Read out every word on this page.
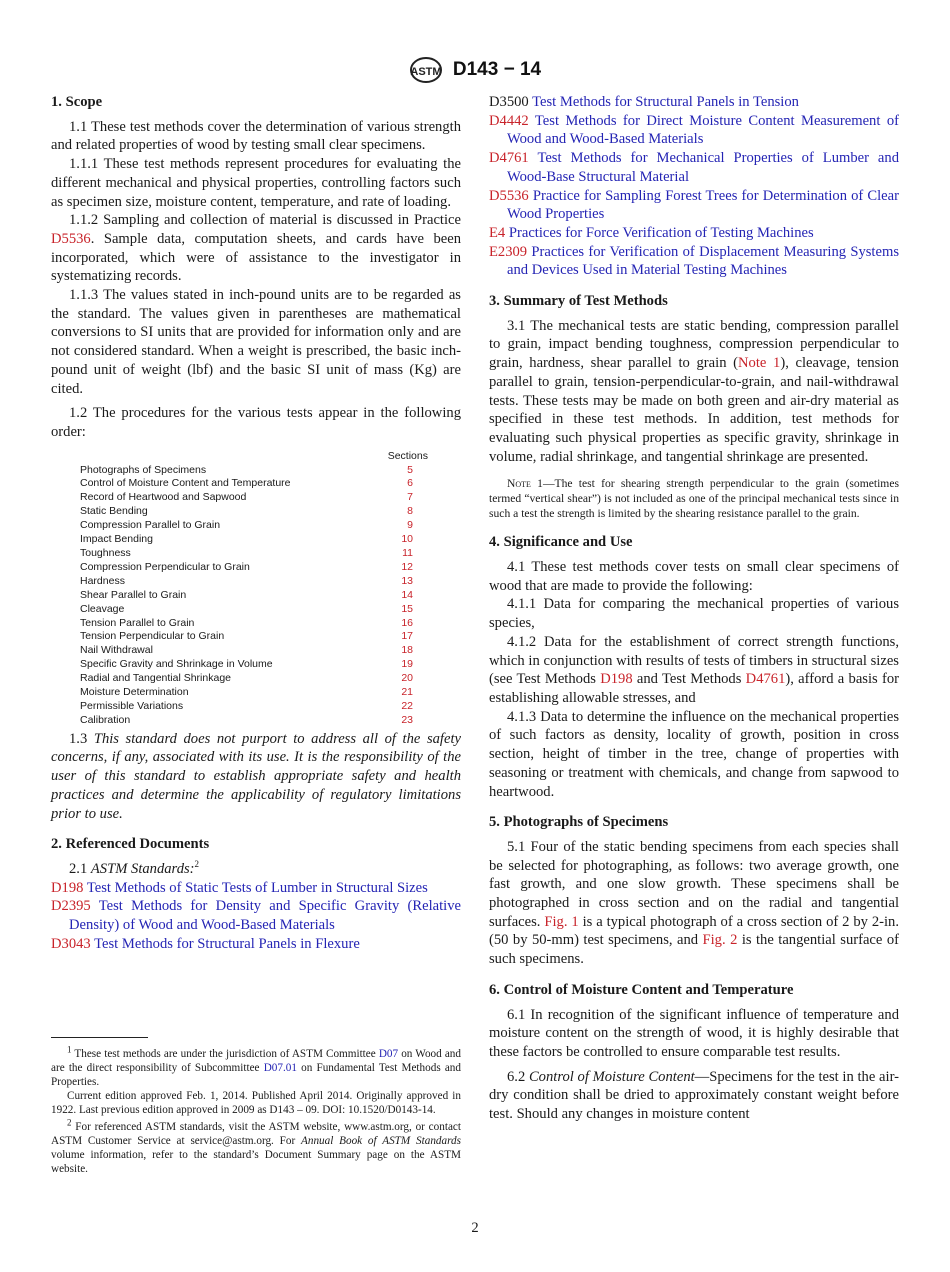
ASTM D143 − 14
1. Scope
1.1 These test methods cover the determination of various strength and related properties of wood by testing small clear specimens.
1.1.1 These test methods represent procedures for evaluating the different mechanical and physical properties, controlling factors such as specimen size, moisture content, temperature, and rate of loading.
1.1.2 Sampling and collection of material is discussed in Practice D5536. Sample data, computation sheets, and cards have been incorporated, which were of assistance to the investigator in systematizing records.
1.1.3 The values stated in inch-pound units are to be regarded as the standard. The values given in parentheses are mathematical conversions to SI units that are provided for information only and are not considered standard. When a weight is prescribed, the basic inch-pound unit of weight (lbf) and the basic SI unit of mass (Kg) are cited.
1.2 The procedures for the various tests appear in the following order:
Sections
Photographs of Specimens	5
Control of Moisture Content and Temperature	6
Record of Heartwood and Sapwood	7
Static Bending	8
Compression Parallel to Grain	9
Impact Bending	10
Toughness	11
Compression Perpendicular to Grain	12
Hardness	13
Shear Parallel to Grain	14
Cleavage	15
Tension Parallel to Grain	16
Tension Perpendicular to Grain	17
Nail Withdrawal	18
Specific Gravity and Shrinkage in Volume	19
Radial and Tangential Shrinkage	20
Moisture Determination	21
Permissible Variations	22
Calibration	23
1.3 This standard does not purport to address all of the safety concerns, if any, associated with its use. It is the responsibility of the user of this standard to establish appropriate safety and health practices and determine the applicability of regulatory limitations prior to use.
2. Referenced Documents
2.1 ASTM Standards:$^2$
D198 Test Methods of Static Tests of Lumber in Structural Sizes
D2395 Test Methods for Density and Specific Gravity (Relative Density) of Wood and Wood-Based Materials
D3043 Test Methods for Structural Panels in Flexure
D3500 Test Methods for Structural Panels in Tension
D4442 Test Methods for Direct Moisture Content Measurement of Wood and Wood-Based Materials
D4761 Test Methods for Mechanical Properties of Lumber and Wood-Base Structural Material
D5536 Practice for Sampling Forest Trees for Determination of Clear Wood Properties
E4 Practices for Force Verification of Testing Machines
E2309 Practices for Verification of Displacement Measuring Systems and Devices Used in Material Testing Machines
3. Summary of Test Methods
3.1 The mechanical tests are static bending, compression parallel to grain, impact bending toughness, compression perpendicular to grain, hardness, shear parallel to grain (Note 1), cleavage, tension parallel to grain, tension-perpendicular-to-grain, and nail-withdrawal tests. These tests may be made on both green and air-dry material as specified in these test methods. In addition, test methods for evaluating such physical properties as specific gravity, shrinkage in volume, radial shrinkage, and tangential shrinkage are presented.
Note 1—The test for shearing strength perpendicular to the grain (sometimes termed “vertical shear”) is not included as one of the principal mechanical tests since in such a test the strength is limited by the shearing resistance parallel to the grain.
4. Significance and Use
4.1 These test methods cover tests on small clear specimens of wood that are made to provide the following:
4.1.1 Data for comparing the mechanical properties of various species,
4.1.2 Data for the establishment of correct strength functions, which in conjunction with results of tests of timbers in structural sizes (see Test Methods D198 and Test Methods D4761), afford a basis for establishing allowable stresses, and
4.1.3 Data to determine the influence on the mechanical properties of such factors as density, locality of growth, position in cross section, height of timber in the tree, change of properties with seasoning or treatment with chemicals, and change from sapwood to heartwood.
5. Photographs of Specimens
5.1 Four of the static bending specimens from each species shall be selected for photographing, as follows: two average growth, one fast growth, and one slow growth. These specimens shall be photographed in cross section and on the radial and tangential surfaces. Fig. 1 is a typical photograph of a cross section of 2 by 2-in. (50 by 50-mm) test specimens, and Fig. 2 is the tangential surface of such specimens.
6. Control of Moisture Content and Temperature
6.1 In recognition of the significant influence of temperature and moisture content on the strength of wood, it is highly desirable that these factors be controlled to ensure comparable test results.
6.2 Control of Moisture Content—Specimens for the test in the air-dry condition shall be dried to approximately constant weight before test. Should any changes in moisture content
$^1$ These test methods are under the jurisdiction of ASTM Committee D07 on Wood and are the direct responsibility of Subcommittee D07.01 on Fundamental Test Methods and Properties.
Current edition approved Feb. 1, 2014. Published April 2014. Originally approved in 1922. Last previous edition approved in 2009 as D143 – 09. DOI: 10.1520/D0143-14.
$^2$ For referenced ASTM standards, visit the ASTM website, www.astm.org, or contact ASTM Customer Service at service@astm.org. For Annual Book of ASTM Standards volume information, refer to the standard’s Document Summary page on the ASTM website.
2
